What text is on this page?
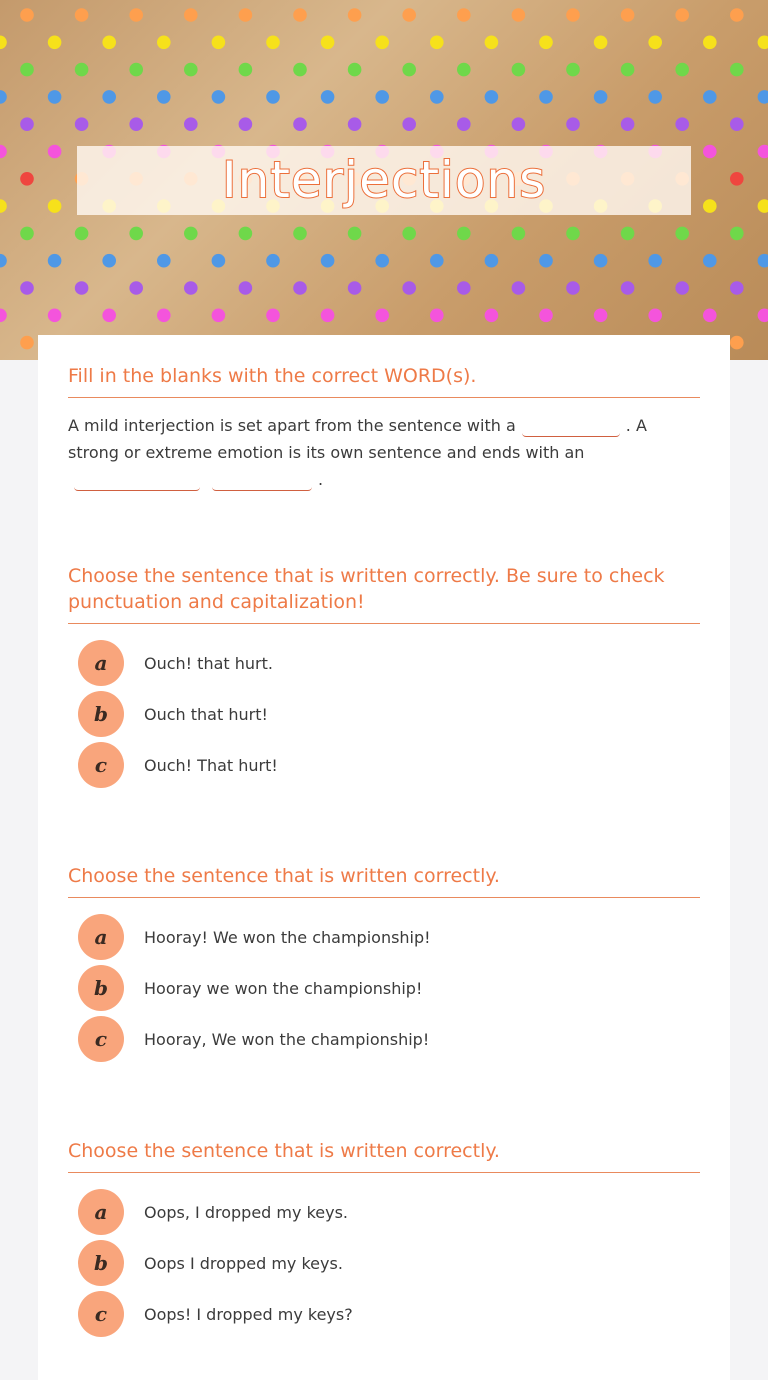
Interjections
Fill in the blanks with the correct WORD(s).
A mild interjection is set apart from the sentence with a	. A strong or extreme emotion is its own sentence and ends with an
.
Choose the sentence that is written correctly. Be sure to check punctuation and capitalization!
a	Ouch! that hurt.
b	Ouch that hurt!
c	Ouch! That hurt!
Choose the sentence that is written correctly.
a	Hooray! We won the championship!
b	Hooray we won the championship!
c	Hooray, We won the championship!
Choose the sentence that is written correctly.
a	Oops, I dropped my keys.
b	Oops I dropped my keys.
c	Oops! I dropped my keys?
